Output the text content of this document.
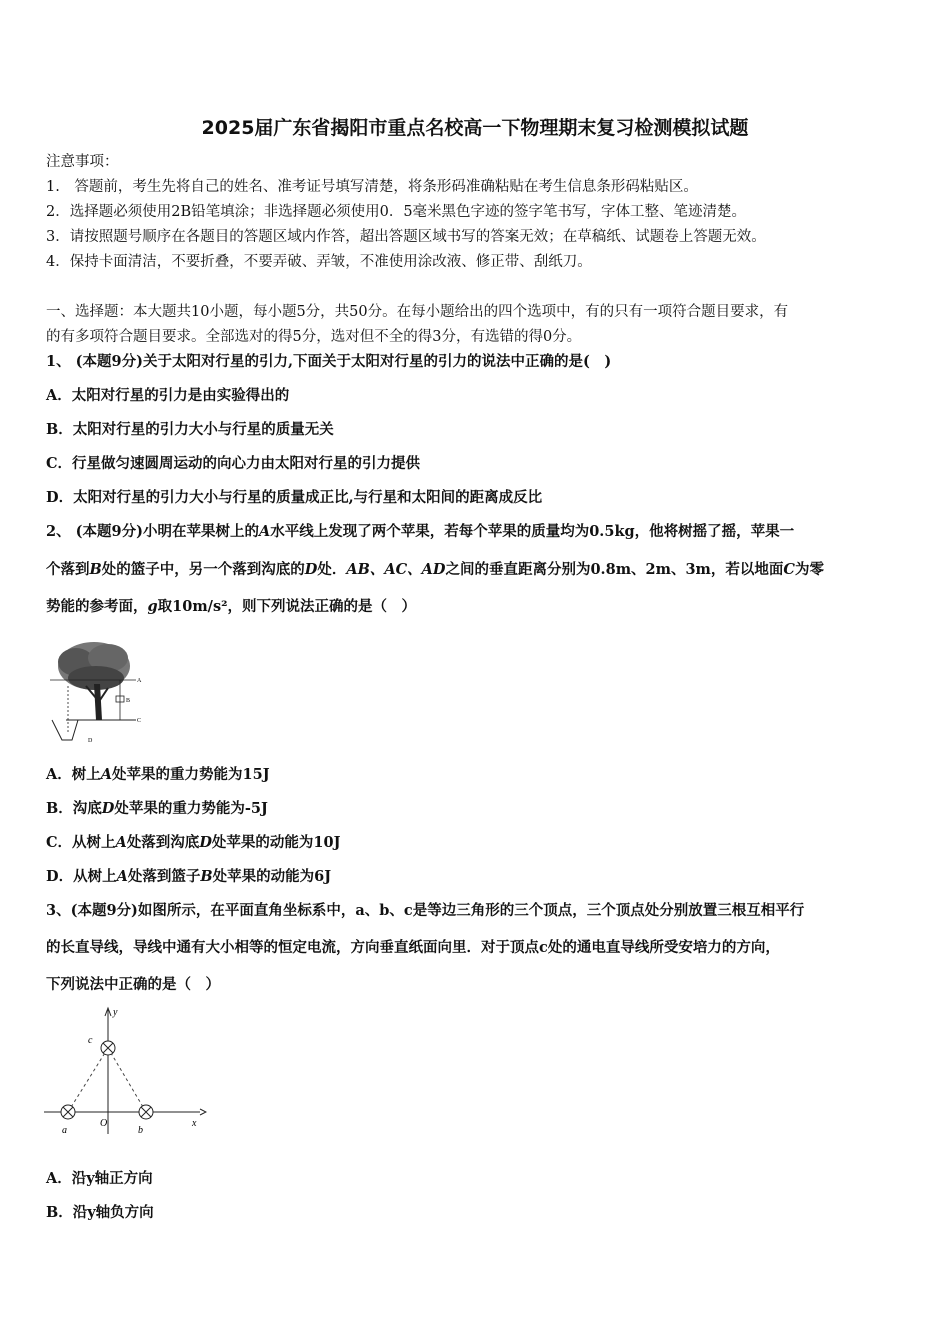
2025届广东省揭阳市重点名校高一下物理期末复习检测模拟试题
注意事项：
1.　答题前，考生先将自己的姓名、准考证号填写清楚，将条形码准确粘贴在考生信息条形码粘贴区。
2．选择题必须使用2B铅笔填涂；非选择题必须使用0．5毫米黑色字迹的签字笔书写，字体工整、笔迹清楚。
3．请按照题号顺序在各题目的答题区域内作答，超出答题区域书写的答案无效；在草稿纸、试题卷上答题无效。
4．保持卡面清洁，不要折叠，不要弄破、弄皱，不准使用涂改液、修正带、刮纸刀。
一、选择题：本大题共10小题，每小题5分，共50分。在每小题给出的四个选项中，有的只有一项符合题目要求，有
的有多项符合题目要求。全部选对的得5分，选对但不全的得3分，有选错的得0分。
1、 (本题9分)关于太阳对行星的引力,下面关于太阳对行星的引力的说法中正确的是(　)
A．太阳对行星的引力是由实验得出的
B．太阳对行星的引力大小与行星的质量无关
C．行星做匀速圆周运动的向心力由太阳对行星的引力提供
D．太阳对行星的引力大小与行星的质量成正比,与行星和太阳间的距离成反比
2、 (本题9分)小明在苹果树上的A水平线上发现了两个苹果，若每个苹果的质量均为0.5kg，他将树摇了摇，苹果一
个落到B处的篮子中，另一个落到沟底的D处．AB、AC、AD之间的垂直距离分别为0.8m、2m、3m，若以地面C为零
势能的参考面，g取10m/s²，则下列说法正确的是（　）
A
B
C
D
A．树上A处苹果的重力势能为15J
B．沟底D处苹果的重力势能为-5J
C．从树上A处落到沟底D处苹果的动能为10J
D．从树上A处落到篮子B处苹果的动能为6J
3、(本题9分)如图所示，在平面直角坐标系中，a、b、c是等边三角形的三个顶点，三个顶点处分别放置三根互相平行
的长直导线，导线中通有大小相等的恒定电流，方向垂直纸面向里．对于顶点c处的通电直导线所受安培力的方向，
下列说法中正确的是（　）
y
x
c
a
O
b
A．沿y轴正方向
B．沿y轴负方向
